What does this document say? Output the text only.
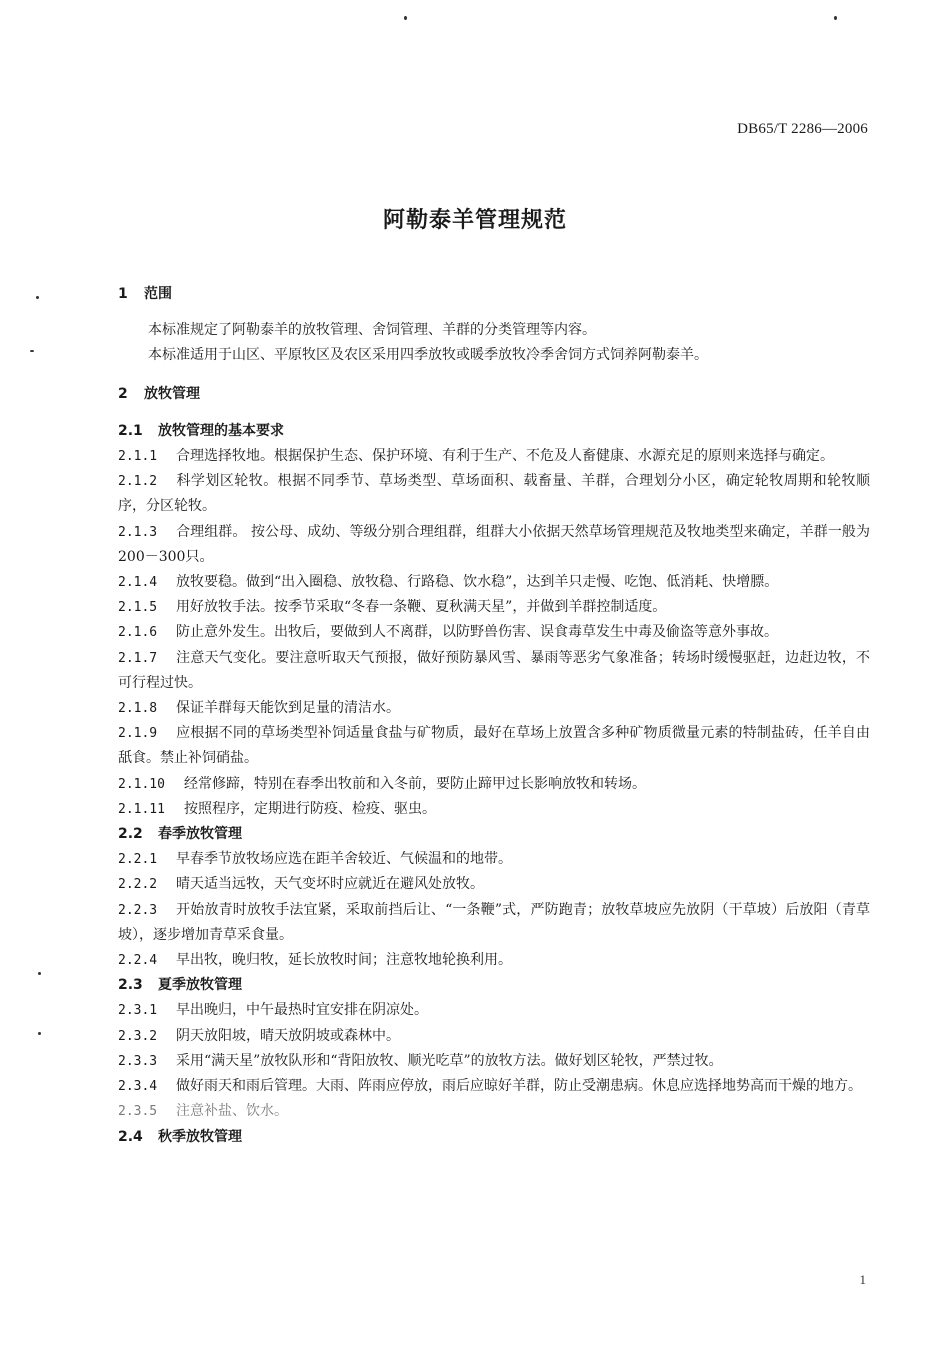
DB65/T 2286—2006
阿勒泰羊管理规范
1 范围

本标准规定了阿勒泰羊的放牧管理、舍饲管理、羊群的分类管理等内容。

本标准适用于山区、平原牧区及农区采用四季放牧或暖季放牧冷季舍饲方式饲养阿勒泰羊。

2 放牧管理
2.1 放牧管理的基本要求

2.1.1 合理选择牧地。根据保护生态、保护环境、有利于生产、不危及人畜健康、水源充足的原则来选择与确定。

2.1.2 科学划区轮牧。根据不同季节、草场类型、草场面积、载畜量、羊群，合理划分小区，确定轮牧周期和轮牧顺序，分区轮牧。

2.1.3 合理组群。 按公母、成幼、等级分别合理组群，组群大小依据天然草场管理规范及牧地类型来确定，羊群一般为200－300只。

2.1.4 放牧要稳。做到“出入圈稳、放牧稳、行路稳、饮水稳”，达到羊只走慢、吃饱、低消耗、快增膘。

2.1.5 用好放牧手法。按季节采取“冬春一条鞭、夏秋满天星”，并做到羊群控制适度。

2.1.6 防止意外发生。出牧后，要做到人不离群，以防野兽伤害、误食毒草发生中毒及偷盗等意外事故。

2.1.7 注意天气变化。要注意听取天气预报，做好预防暴风雪、暴雨等恶劣气象准备；转场时缓慢驱赶，边赶边牧，不可行程过快。

2.1.8 保证羊群每天能饮到足量的清洁水。

2.1.9 应根据不同的草场类型补饲适量食盐与矿物质，最好在草场上放置含多种矿物质微量元素的特制盐砖，任羊自由舐食。禁止补饲硝盐。

2.1.10 经常修蹄，特别在春季出牧前和入冬前，要防止蹄甲过长影响放牧和转场。

2.1.11 按照程序，定期进行防疫、检疫、驱虫。

2.2 春季放牧管理

2.2.1 早春季节放牧场应选在距羊舍较近、气候温和的地带。

2.2.2 晴天适当远牧，天气变坏时应就近在避风处放牧。

2.2.3 开始放青时放牧手法宜紧，采取前挡后让、“一条鞭”式，严防跑青；放牧草坡应先放阴（干草坡）后放阳（青草坡），逐步增加青草采食量。

2.2.4 早出牧，晚归牧，延长放牧时间；注意牧地轮换利用。

2.3 夏季放牧管理

2.3.1 早出晚归，中午最热时宜安排在阴凉处。

2.3.2 阴天放阳坡，晴天放阴坡或森林中。

2.3.3 采用“满天星”放牧队形和“背阳放牧、顺光吃草”的放牧方法。做好划区轮牧，严禁过牧。

2.3.4 做好雨天和雨后管理。大雨、阵雨应停放，雨后应晾好羊群，防止受潮患病。休息应选择地势高而干燥的地方。

2.3.5 注意补盐、饮水。

2.4 秋季放牧管理
1
